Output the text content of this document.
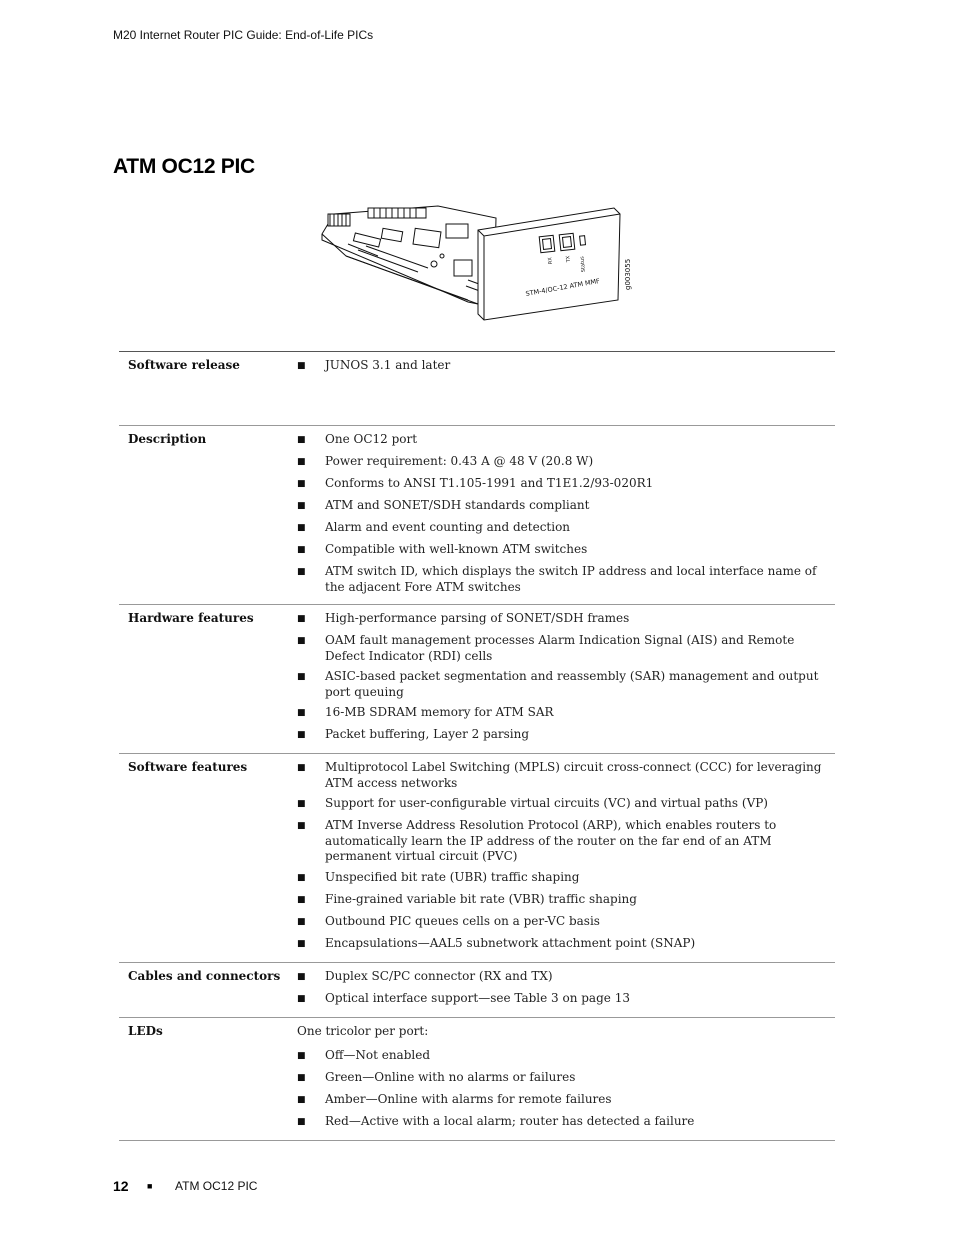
M20 Internet Router PIC Guide: End-of-Life PICs
ATM OC12 PIC
RX TX Status
STM-4/OC-12 ATM MMF	g003055
Software release	■	JUNOS 3.1 and later
Description	■	One OC12 port
■	Power requirement: 0.43 A @ 48 V (20.8 W)
■	Conforms to ANSI T1.105-1991 and T1E1.2/93-020R1
■	ATM and SONET/SDH standards compliant
■	Alarm and event counting and detection
■	Compatible with well-known ATM switches
■	ATM switch ID, which displays the switch IP address and local interface name of the adjacent Fore ATM switches
Hardware features	■	High-performance parsing of SONET/SDH frames
■	OAM fault management processes Alarm Indication Signal (AIS) and Remote Defect Indicator (RDI) cells
■	ASIC-based packet segmentation and reassembly (SAR) management and output port queuing
■	16-MB SDRAM memory for ATM SAR
■	Packet buffering, Layer 2 parsing
Software features	■	Multiprotocol Label Switching (MPLS) circuit cross-connect (CCC) for leveraging ATM access networks
■	Support for user-configurable virtual circuits (VC) and virtual paths (VP)
■	ATM Inverse Address Resolution Protocol (ARP), which enables routers to automatically learn the IP address of the router on the far end of an ATM permanent virtual circuit (PVC)
■	Unspecified bit rate (UBR) traffic shaping
■	Fine-grained variable bit rate (VBR) traffic shaping
■	Outbound PIC queues cells on a per-VC basis
■	Encapsulations—AAL5 subnetwork attachment point (SNAP)
Cables and connectors	■	Duplex SC/PC connector (RX and TX)
■	Optical interface support—see Table 3 on page 13
LEDs	One tricolor per port:
■	Off—Not enabled
■	Green—Online with no alarms or failures
■	Amber—Online with alarms for remote failures
■	Red—Active with a local alarm; router has detected a failure
12	■	ATM OC12 PIC
